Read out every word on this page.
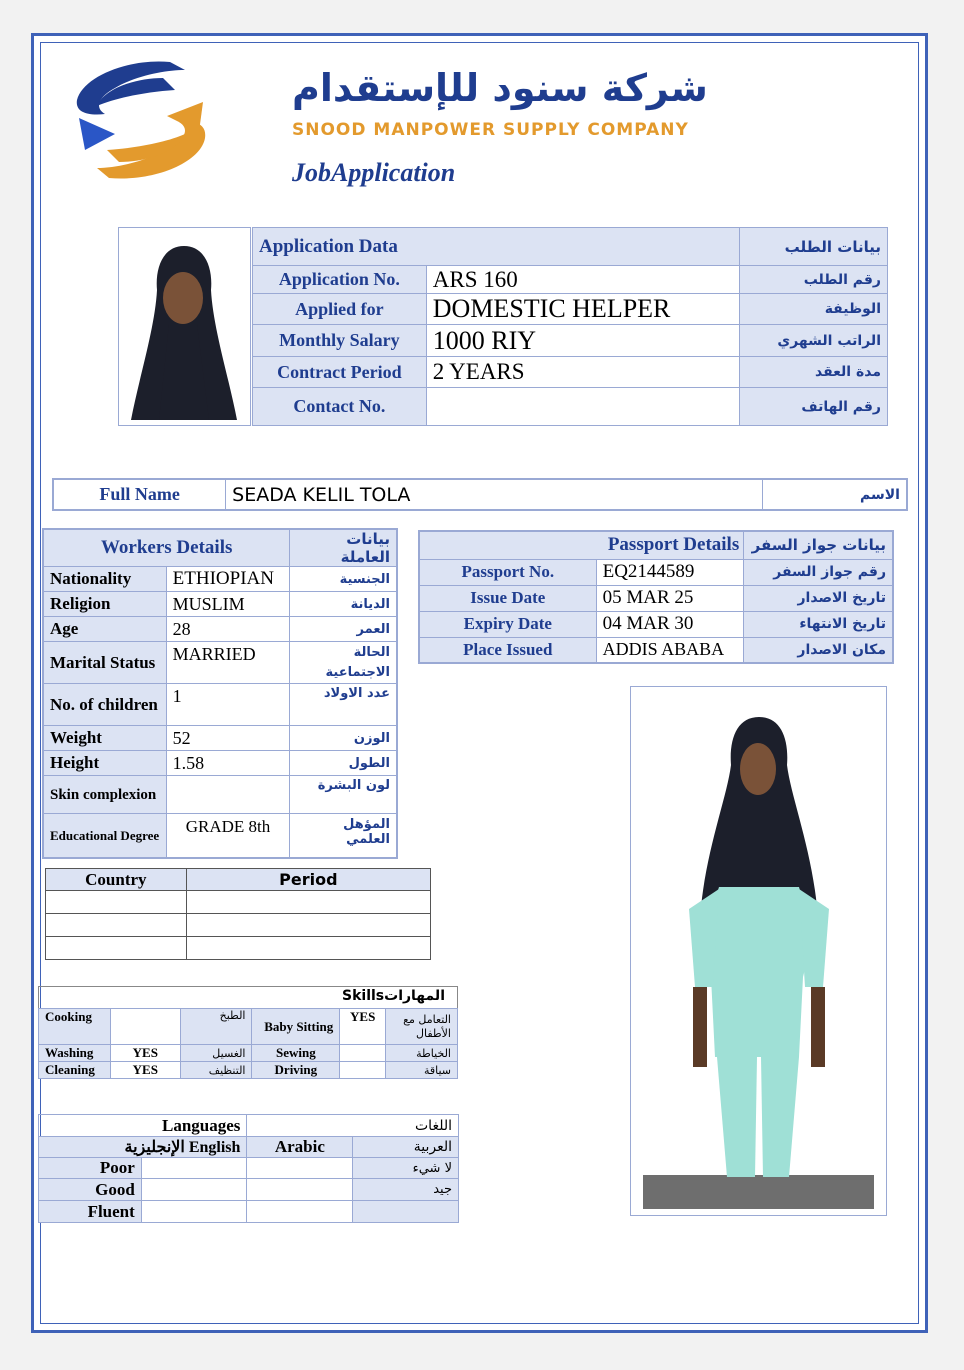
شركة سنود للإستقدام
SNOOD MANPOWER SUPPLY COMPANY
JobApplication
Application Data		بيانات الطلب
Application No.	ARS 160	رقم الطلب
Applied for	DOMESTIC HELPER	الوظيفة
Monthly Salary	1000 RIY	الراتب الشهري
Contract Period	2 YEARS	مدة العقد
Contact No.		رقم الهاتف
Full Name	SEADA KELIL TOLA	الاسم
Workers Details		بيانات العاملة
Nationality	ETHIOPIAN	الجنسية
Religion	MUSLIM	الديانة
Age	28	العمر
Marital Status	MARRIED	الحالة الاجتماعية
No. of children	1	عدد الاولاد
Weight	52	الوزن
Height	1.58	الطول
Skin complexion		لون البشرة
Educational Degree	GRADE 8th	المؤهل العلمي
Passport Details		بيانات جواز السفر
Passport No.	EQ2144589	رقم جواز السفر
Issue Date	05 MAR 25	تاريخ الاصدار
Expiry Date	04 MAR 30	تاريخ الانتهاء
Place Issued	ADDIS ABABA	مكان الاصدار
Country	Period

المهاراتSkills
Cooking		الطبخ	Baby Sitting	YES	التعامل مع الأطفال
Washing	YES	الغسيل	Sewing		الخياطة
Cleaning	YES	التنظيف	Driving		سياقة
Languages		اللغات	
الإنجليزية English		Arabic	العربية
Poor			لا شيء
Good			جيد
Fluent			
